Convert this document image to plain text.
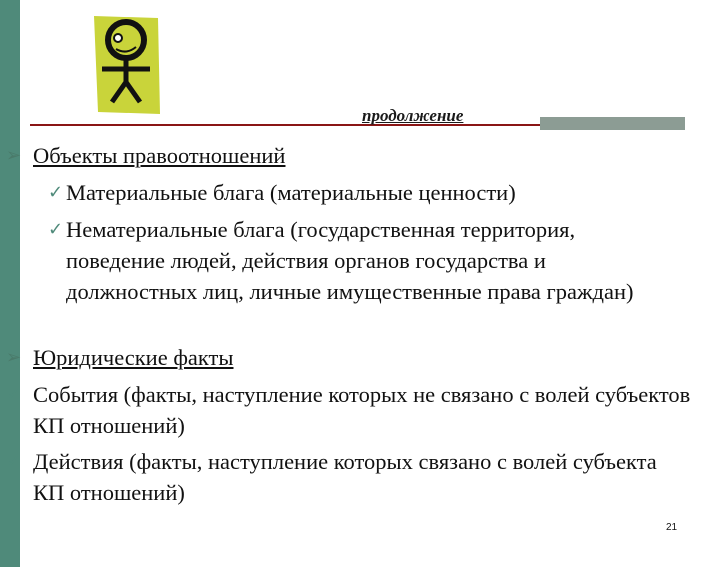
продолжение
➢ Объекты правоотношений
✓ Материальные блага (материальные ценности)
✓ Нематериальные блага (государственная территория, поведение людей, действия органов государства и должностных лиц, личные имущественные права граждан)
➢ Юридические факты
✓ События (факты, наступление которых не связано с волей субъектов КП отношений)
✓ Действия (факты, наступление которых связано с волей субъекта КП отношений)
21
